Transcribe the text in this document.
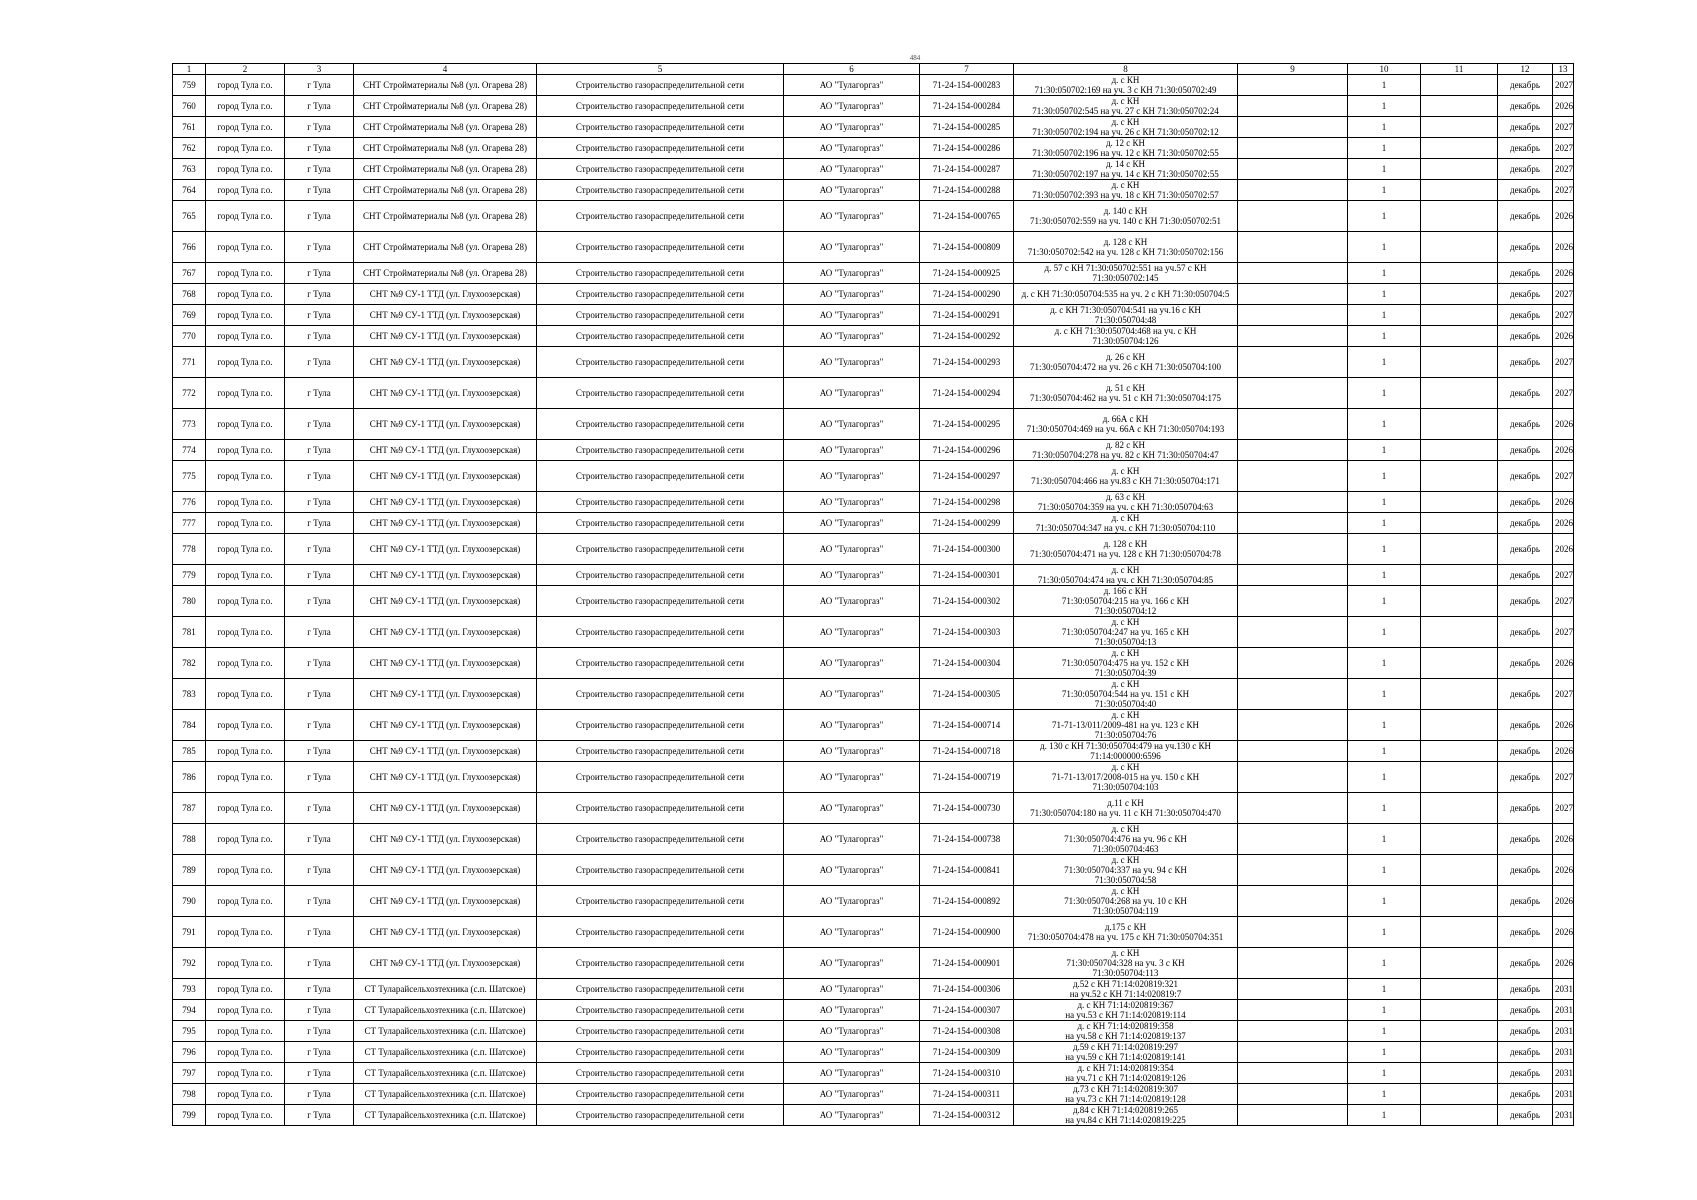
484
1	2	3	4	5	6	7	8	9	10	11	12	13
759	город Тула г.о.	г Тула	СНТ Стройматериалы №8 (ул. Огарева 28)	Строительство газораспределительной сети	АО "Тулагоргаз"	71-24-154-000283	д. с КН
71:30:050702:169 на уч. 3 с КН 71:30:050702:49		1		декабрь	2027
760	город Тула г.о.	г Тула	СНТ Стройматериалы №8 (ул. Огарева 28)	Строительство газораспределительной сети	АО "Тулагоргаз"	71-24-154-000284	д. с КН
71:30:050702:545 на уч. 27 с КН 71:30:050702:24		1		декабрь	2026
761	город Тула г.о.	г Тула	СНТ Стройматериалы №8 (ул. Огарева 28)	Строительство газораспределительной сети	АО "Тулагоргаз"	71-24-154-000285	д. с КН
71:30:050702:194 на уч. 26 с КН 71:30:050702:12		1		декабрь	2027
762	город Тула г.о.	г Тула	СНТ Стройматериалы №8 (ул. Огарева 28)	Строительство газораспределительной сети	АО "Тулагоргаз"	71-24-154-000286	д. 12 с КН
71:30:050702:196 на уч. 12 с КН 71:30:050702:55		1		декабрь	2027
763	город Тула г.о.	г Тула	СНТ Стройматериалы №8 (ул. Огарева 28)	Строительство газораспределительной сети	АО "Тулагоргаз"	71-24-154-000287	д. 14 с КН
71:30:050702:197 на уч. 14 с КН 71:30:050702:55		1		декабрь	2027
764	город Тула г.о.	г Тула	СНТ Стройматериалы №8 (ул. Огарева 28)	Строительство газораспределительной сети	АО "Тулагоргаз"	71-24-154-000288	д. с КН
71:30:050702:393 на уч. 18 с КН 71:30:050702:57		1		декабрь	2027
765	город Тула г.о.	г Тула	СНТ Стройматериалы №8 (ул. Огарева 28)	Строительство газораспределительной сети	АО "Тулагоргаз"	71-24-154-000765	д. 140 с КН
71:30:050702:559 на уч. 140 с КН 71:30:050702:51		1		декабрь	2026
766	город Тула г.о.	г Тула	СНТ Стройматериалы №8 (ул. Огарева 28)	Строительство газораспределительной сети	АО "Тулагоргаз"	71-24-154-000809	д. 128 с КН
71:30:050702:542 на уч. 128 с КН 71:30:050702:156		1		декабрь	2026
767	город Тула г.о.	г Тула	СНТ Стройматериалы №8 (ул. Огарева 28)	Строительство газораспределительной сети	АО "Тулагоргаз"	71-24-154-000925	д. 57 с КН 71:30:050702:551 на уч.57 с КН
71:30:050702:145		1		декабрь	2026
768	город Тула г.о.	г Тула	СНТ №9 СУ-1 ТТД (ул. Глухоозерская)	Строительство газораспределительной сети	АО "Тулагоргаз"	71-24-154-000290	д. с КН 71:30:050704:535 на уч. 2 с КН 71:30:050704:5		1		декабрь	2027
769	город Тула г.о.	г Тула	СНТ №9 СУ-1 ТТД (ул. Глухоозерская)	Строительство газораспределительной сети	АО "Тулагоргаз"	71-24-154-000291	д. с КН 71:30:050704:541 на уч.16 с КН
71:30:050704:48		1		декабрь	2027
770	город Тула г.о.	г Тула	СНТ №9 СУ-1 ТТД (ул. Глухоозерская)	Строительство газораспределительной сети	АО "Тулагоргаз"	71-24-154-000292	д. с КН 71:30:050704:468 на уч. с КН
71:30:050704:126		1		декабрь	2026
771	город Тула г.о.	г Тула	СНТ №9 СУ-1 ТТД (ул. Глухоозерская)	Строительство газораспределительной сети	АО "Тулагоргаз"	71-24-154-000293	д. 26 с КН
71:30:050704:472 на уч. 26 с КН 71:30:050704:100		1		декабрь	2027
772	город Тула г.о.	г Тула	СНТ №9 СУ-1 ТТД (ул. Глухоозерская)	Строительство газораспределительной сети	АО "Тулагоргаз"	71-24-154-000294	д. 51 с КН
71:30:050704:462 на уч. 51 с КН 71:30:050704:175		1		декабрь	2027
773	город Тула г.о.	г Тула	СНТ №9 СУ-1 ТТД (ул. Глухоозерская)	Строительство газораспределительной сети	АО "Тулагоргаз"	71-24-154-000295	д. 66А с КН
71:30:050704:469 на уч. 66А с КН 71:30:050704:193		1		декабрь	2026
774	город Тула г.о.	г Тула	СНТ №9 СУ-1 ТТД (ул. Глухоозерская)	Строительство газораспределительной сети	АО "Тулагоргаз"	71-24-154-000296	д. 82 с КН
71:30:050704:278 на уч. 82 с КН 71:30:050704:47		1		декабрь	2026
775	город Тула г.о.	г Тула	СНТ №9 СУ-1 ТТД (ул. Глухоозерская)	Строительство газораспределительной сети	АО "Тулагоргаз"	71-24-154-000297	д. с КН
71:30:050704:466 на уч.83 с КН 71:30:050704:171		1		декабрь	2027
776	город Тула г.о.	г Тула	СНТ №9 СУ-1 ТТД (ул. Глухоозерская)	Строительство газораспределительной сети	АО "Тулагоргаз"	71-24-154-000298	д. 63 с КН
71:30:050704:359 на уч. с КН 71:30:050704:63		1		декабрь	2026
777	город Тула г.о.	г Тула	СНТ №9 СУ-1 ТТД (ул. Глухоозерская)	Строительство газораспределительной сети	АО "Тулагоргаз"	71-24-154-000299	д. с КН
71:30:050704:347 на уч. с КН 71:30:050704:110		1		декабрь	2026
778	город Тула г.о.	г Тула	СНТ №9 СУ-1 ТТД (ул. Глухоозерская)	Строительство газораспределительной сети	АО "Тулагоргаз"	71-24-154-000300	д. 128 с КН
71:30:050704:471 на уч. 128 с КН 71:30:050704:78		1		декабрь	2026
779	город Тула г.о.	г Тула	СНТ №9 СУ-1 ТТД (ул. Глухоозерская)	Строительство газораспределительной сети	АО "Тулагоргаз"	71-24-154-000301	д. с КН
71:30:050704:474 на уч. с КН 71:30:050704:85		1		декабрь	2027
780	город Тула г.о.	г Тула	СНТ №9 СУ-1 ТТД (ул. Глухоозерская)	Строительство газораспределительной сети	АО "Тулагоргаз"	71-24-154-000302	д. 166 с КН
71:30:050704:215 на уч. 166 с КН
71:30:050704:12		1		декабрь	2027
781	город Тула г.о.	г Тула	СНТ №9 СУ-1 ТТД (ул. Глухоозерская)	Строительство газораспределительной сети	АО "Тулагоргаз"	71-24-154-000303	д. с КН
71:30:050704:247 на уч. 165 с КН
71:30:050704:13		1		декабрь	2027
782	город Тула г.о.	г Тула	СНТ №9 СУ-1 ТТД (ул. Глухоозерская)	Строительство газораспределительной сети	АО "Тулагоргаз"	71-24-154-000304	д. с КН
71:30:050704:475 на уч. 152 с КН
71:30:050704:39		1		декабрь	2026
783	город Тула г.о.	г Тула	СНТ №9 СУ-1 ТТД (ул. Глухоозерская)	Строительство газораспределительной сети	АО "Тулагоргаз"	71-24-154-000305	д. с КН
71:30:050704:544 на уч. 151 с КН
71:30:050704:40		1		декабрь	2027
784	город Тула г.о.	г Тула	СНТ №9 СУ-1 ТТД (ул. Глухоозерская)	Строительство газораспределительной сети	АО "Тулагоргаз"	71-24-154-000714	д. с КН
71-71-13/011/2009-481 на уч. 123 с КН
71:30:050704:76		1		декабрь	2026
785	город Тула г.о.	г Тула	СНТ №9 СУ-1 ТТД (ул. Глухоозерская)	Строительство газораспределительной сети	АО "Тулагоргаз"	71-24-154-000718	д. 130 с КН 71:30:050704:479 на уч.130 с КН
71:14:000000:6596		1		декабрь	2026
786	город Тула г.о.	г Тула	СНТ №9 СУ-1 ТТД (ул. Глухоозерская)	Строительство газораспределительной сети	АО "Тулагоргаз"	71-24-154-000719	д. с КН
71-71-13/017/2008-015 на уч. 150 с КН
71:30:050704:103		1		декабрь	2027
787	город Тула г.о.	г Тула	СНТ №9 СУ-1 ТТД (ул. Глухоозерская)	Строительство газораспределительной сети	АО "Тулагоргаз"	71-24-154-000730	д.11 с КН
71:30:050704:180 на уч. 11 с КН 71:30:050704:470		1		декабрь	2027
788	город Тула г.о.	г Тула	СНТ №9 СУ-1 ТТД (ул. Глухоозерская)	Строительство газораспределительной сети	АО "Тулагоргаз"	71-24-154-000738	д. с КН
71:30:050704:476 на уч. 96 с КН
71:30:050704:463		1		декабрь	2026
789	город Тула г.о.	г Тула	СНТ №9 СУ-1 ТТД (ул. Глухоозерская)	Строительство газораспределительной сети	АО "Тулагоргаз"	71-24-154-000841	д. с КН
71:30:050704:337 на уч. 94 с КН
71:30:050704:58		1		декабрь	2026
790	город Тула г.о.	г Тула	СНТ №9 СУ-1 ТТД (ул. Глухоозерская)	Строительство газораспределительной сети	АО "Тулагоргаз"	71-24-154-000892	д. с КН
71:30:050704:268 на уч. 10 с КН
71:30:050704:119		1		декабрь	2026
791	город Тула г.о.	г Тула	СНТ №9 СУ-1 ТТД (ул. Глухоозерская)	Строительство газораспределительной сети	АО "Тулагоргаз"	71-24-154-000900	д.175 с КН
71:30:050704:478 на уч. 175 с КН 71:30:050704:351		1		декабрь	2026
792	город Тула г.о.	г Тула	СНТ №9 СУ-1 ТТД (ул. Глухоозерская)	Строительство газораспределительной сети	АО "Тулагоргаз"	71-24-154-000901	д. с КН
71:30:050704:328 на уч. 3 с КН
71:30:050704:113		1		декабрь	2026
793	город Тула г.о.	г Тула	СТ Туларайсельхозтехника (с.п. Шатское)	Строительство газораспределительной сети	АО "Тулагоргаз"	71-24-154-000306	д.52 с КН 71:14:020819:321
на уч.52 с КН 71:14:020819:7		1		декабрь	2031
794	город Тула г.о.	г Тула	СТ Туларайсельхозтехника (с.п. Шатское)	Строительство газораспределительной сети	АО "Тулагоргаз"	71-24-154-000307	д. с КН 71:14:020819:367
на уч.53 с КН 71:14:020819:114		1		декабрь	2031
795	город Тула г.о.	г Тула	СТ Туларайсельхозтехника (с.п. Шатское)	Строительство газораспределительной сети	АО "Тулагоргаз"	71-24-154-000308	д. с КН 71:14:020819:358
на уч.58 с КН 71:14:020819:137		1		декабрь	2031
796	город Тула г.о.	г Тула	СТ Туларайсельхозтехника (с.п. Шатское)	Строительство газораспределительной сети	АО "Тулагоргаз"	71-24-154-000309	д.59 с КН 71:14:020819:297
на уч.59 с КН 71:14:020819:141		1		декабрь	2031
797	город Тула г.о.	г Тула	СТ Туларайсельхозтехника (с.п. Шатское)	Строительство газораспределительной сети	АО "Тулагоргаз"	71-24-154-000310	д. с КН 71:14:020819:354
на уч.71 с КН 71:14:020819:126		1		декабрь	2031
798	город Тула г.о.	г Тула	СТ Туларайсельхозтехника (с.п. Шатское)	Строительство газораспределительной сети	АО "Тулагоргаз"	71-24-154-000311	д.73 с КН 71:14:020819:307
на уч.73 с КН 71:14:020819:128		1		декабрь	2031
799	город Тула г.о.	г Тула	СТ Туларайсельхозтехника (с.п. Шатское)	Строительство газораспределительной сети	АО "Тулагоргаз"	71-24-154-000312	д.84 с КН 71:14:020819:265
на уч.84 с КН 71:14:020819:225		1		декабрь	2031
